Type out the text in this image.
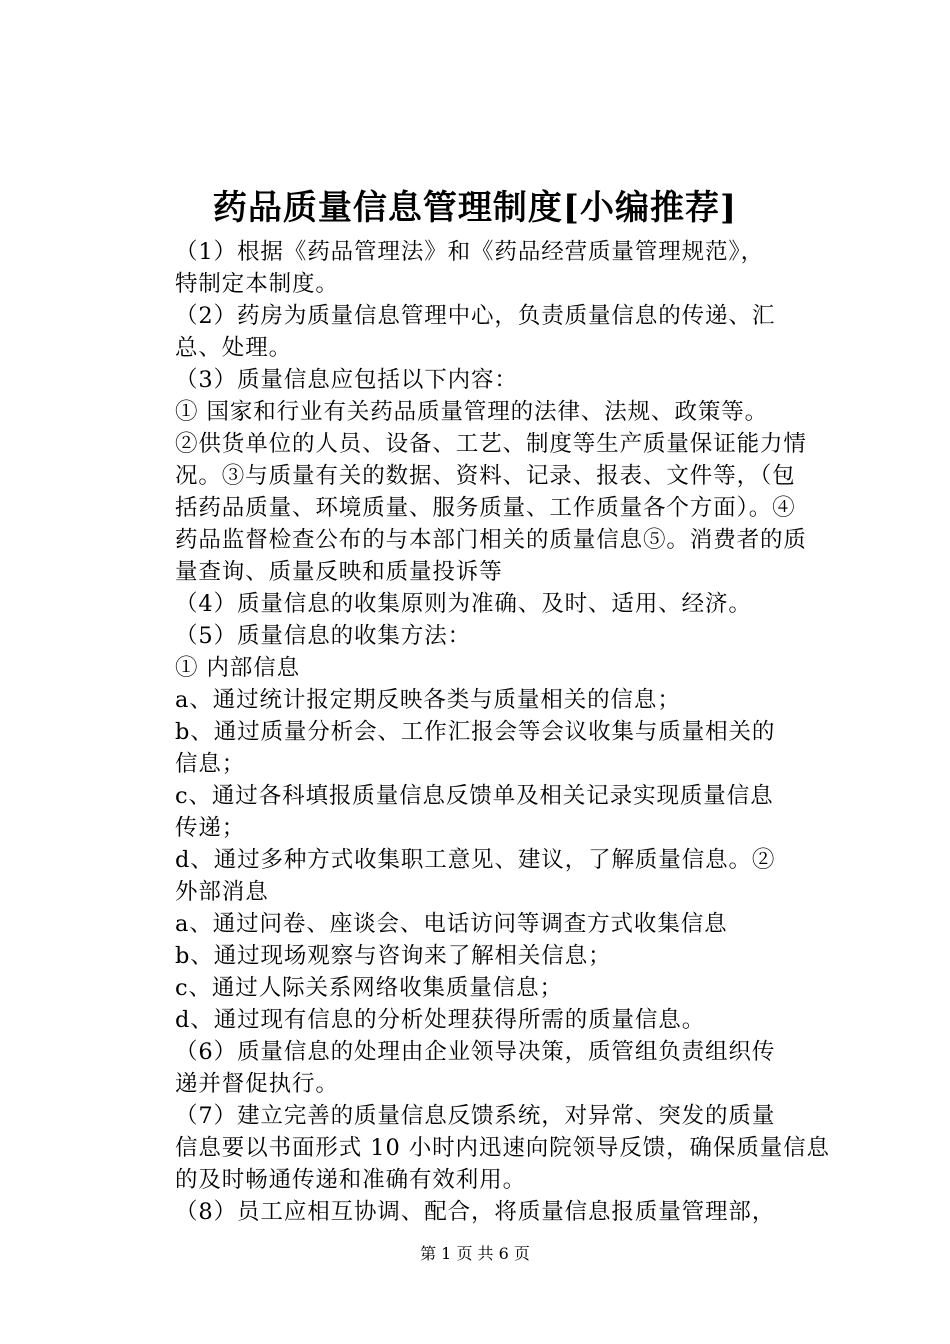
药品质量信息管理制度[小编推荐]
（1）根据《药品管理法》和《药品经营质量管理规范》，
特制定本制度。
（2）药房为质量信息管理中心，负责质量信息的传递、汇
总、处理。
（3）质量信息应包括以下内容：
① 国家和行业有关药品质量管理的法律、法规、政策等。
②供货单位的人员、设备、工艺、制度等生产质量保证能力情
况。③与质量有关的数据、资料、记录、报表、文件等，（包
括药品质量、环境质量、服务质量、工作质量各个方面）。④
药品监督检查公布的与本部门相关的质量信息⑤。消费者的质
量查询、质量反映和质量投诉等
（4）质量信息的收集原则为准确、及时、适用、经济。
（5）质量信息的收集方法：
① 内部信息
a、通过统计报定期反映各类与质量相关的信息；
b、通过质量分析会、工作汇报会等会议收集与质量相关的
信息；
c、通过各科填报质量信息反馈单及相关记录实现质量信息
传递；
d、通过多种方式收集职工意见、建议，了解质量信息。②
外部消息
a、通过问卷、座谈会、电话访问等调查方式收集信息
b、通过现场观察与咨询来了解相关信息；
c、通过人际关系网络收集质量信息；
d、通过现有信息的分析处理获得所需的质量信息。
（6）质量信息的处理由企业领导决策，质管组负责组织传
递并督促执行。
（7）建立完善的质量信息反馈系统，对异常、突发的质量
信息要以书面形式 10 小时内迅速向院领导反馈，确保质量信息
的及时畅通传递和准确有效利用。
（8）员工应相互协调、配合，将质量信息报质量管理部，
第 1 页 共 6 页
